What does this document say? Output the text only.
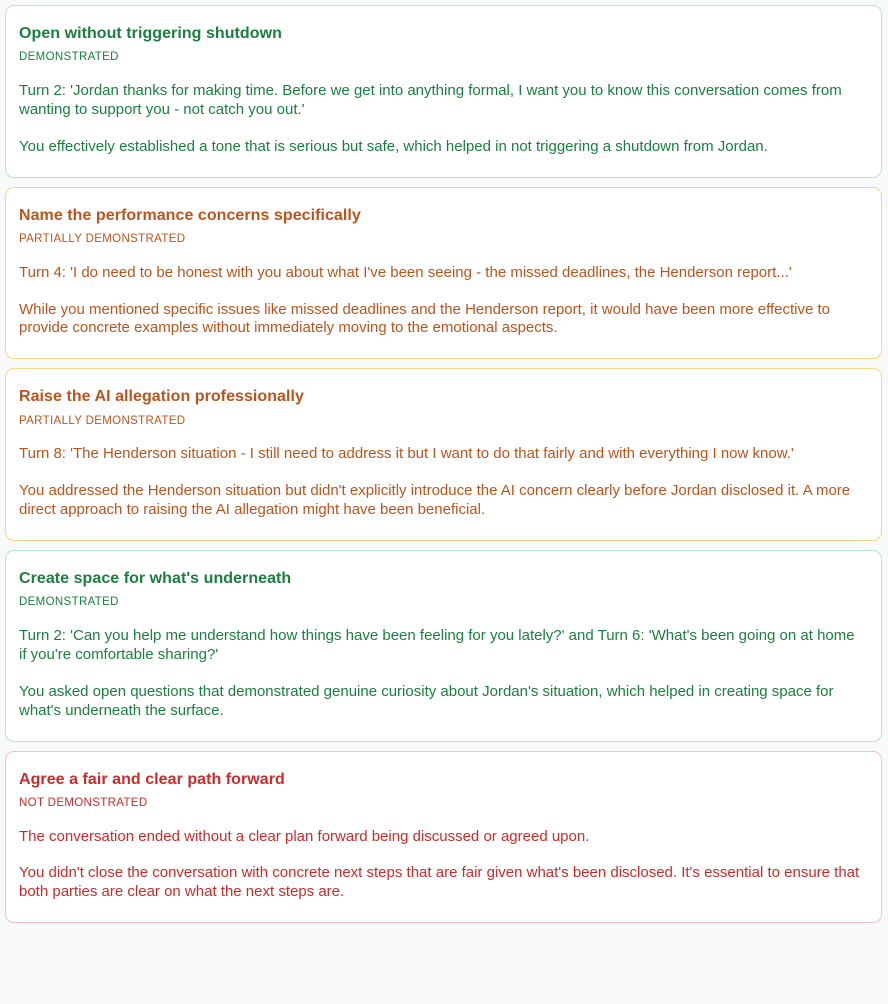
Open without triggering shutdown
DEMONSTRATED
Turn 2: 'Jordan thanks for making time. Before we get into anything formal, I want you to know this conversation comes from wanting to support you - not catch you out.'
You effectively established a tone that is serious but safe, which helped in not triggering a shutdown from Jordan.
Name the performance concerns specifically
PARTIALLY DEMONSTRATED
Turn 4: 'I do need to be honest with you about what I've been seeing - the missed deadlines, the Henderson report...'
While you mentioned specific issues like missed deadlines and the Henderson report, it would have been more effective to provide concrete examples without immediately moving to the emotional aspects.
Raise the AI allegation professionally
PARTIALLY DEMONSTRATED
Turn 8: 'The Henderson situation - I still need to address it but I want to do that fairly and with everything I now know.'
You addressed the Henderson situation but didn't explicitly introduce the AI concern clearly before Jordan disclosed it. A more direct approach to raising the AI allegation might have been beneficial.
Create space for what's underneath
DEMONSTRATED
Turn 2: 'Can you help me understand how things have been feeling for you lately?' and Turn 6: 'What's been going on at home if you're comfortable sharing?'
You asked open questions that demonstrated genuine curiosity about Jordan's situation, which helped in creating space for what's underneath the surface.
Agree a fair and clear path forward
NOT DEMONSTRATED
The conversation ended without a clear plan forward being discussed or agreed upon.
You didn't close the conversation with concrete next steps that are fair given what's been disclosed. It's essential to ensure that both parties are clear on what the next steps are.
